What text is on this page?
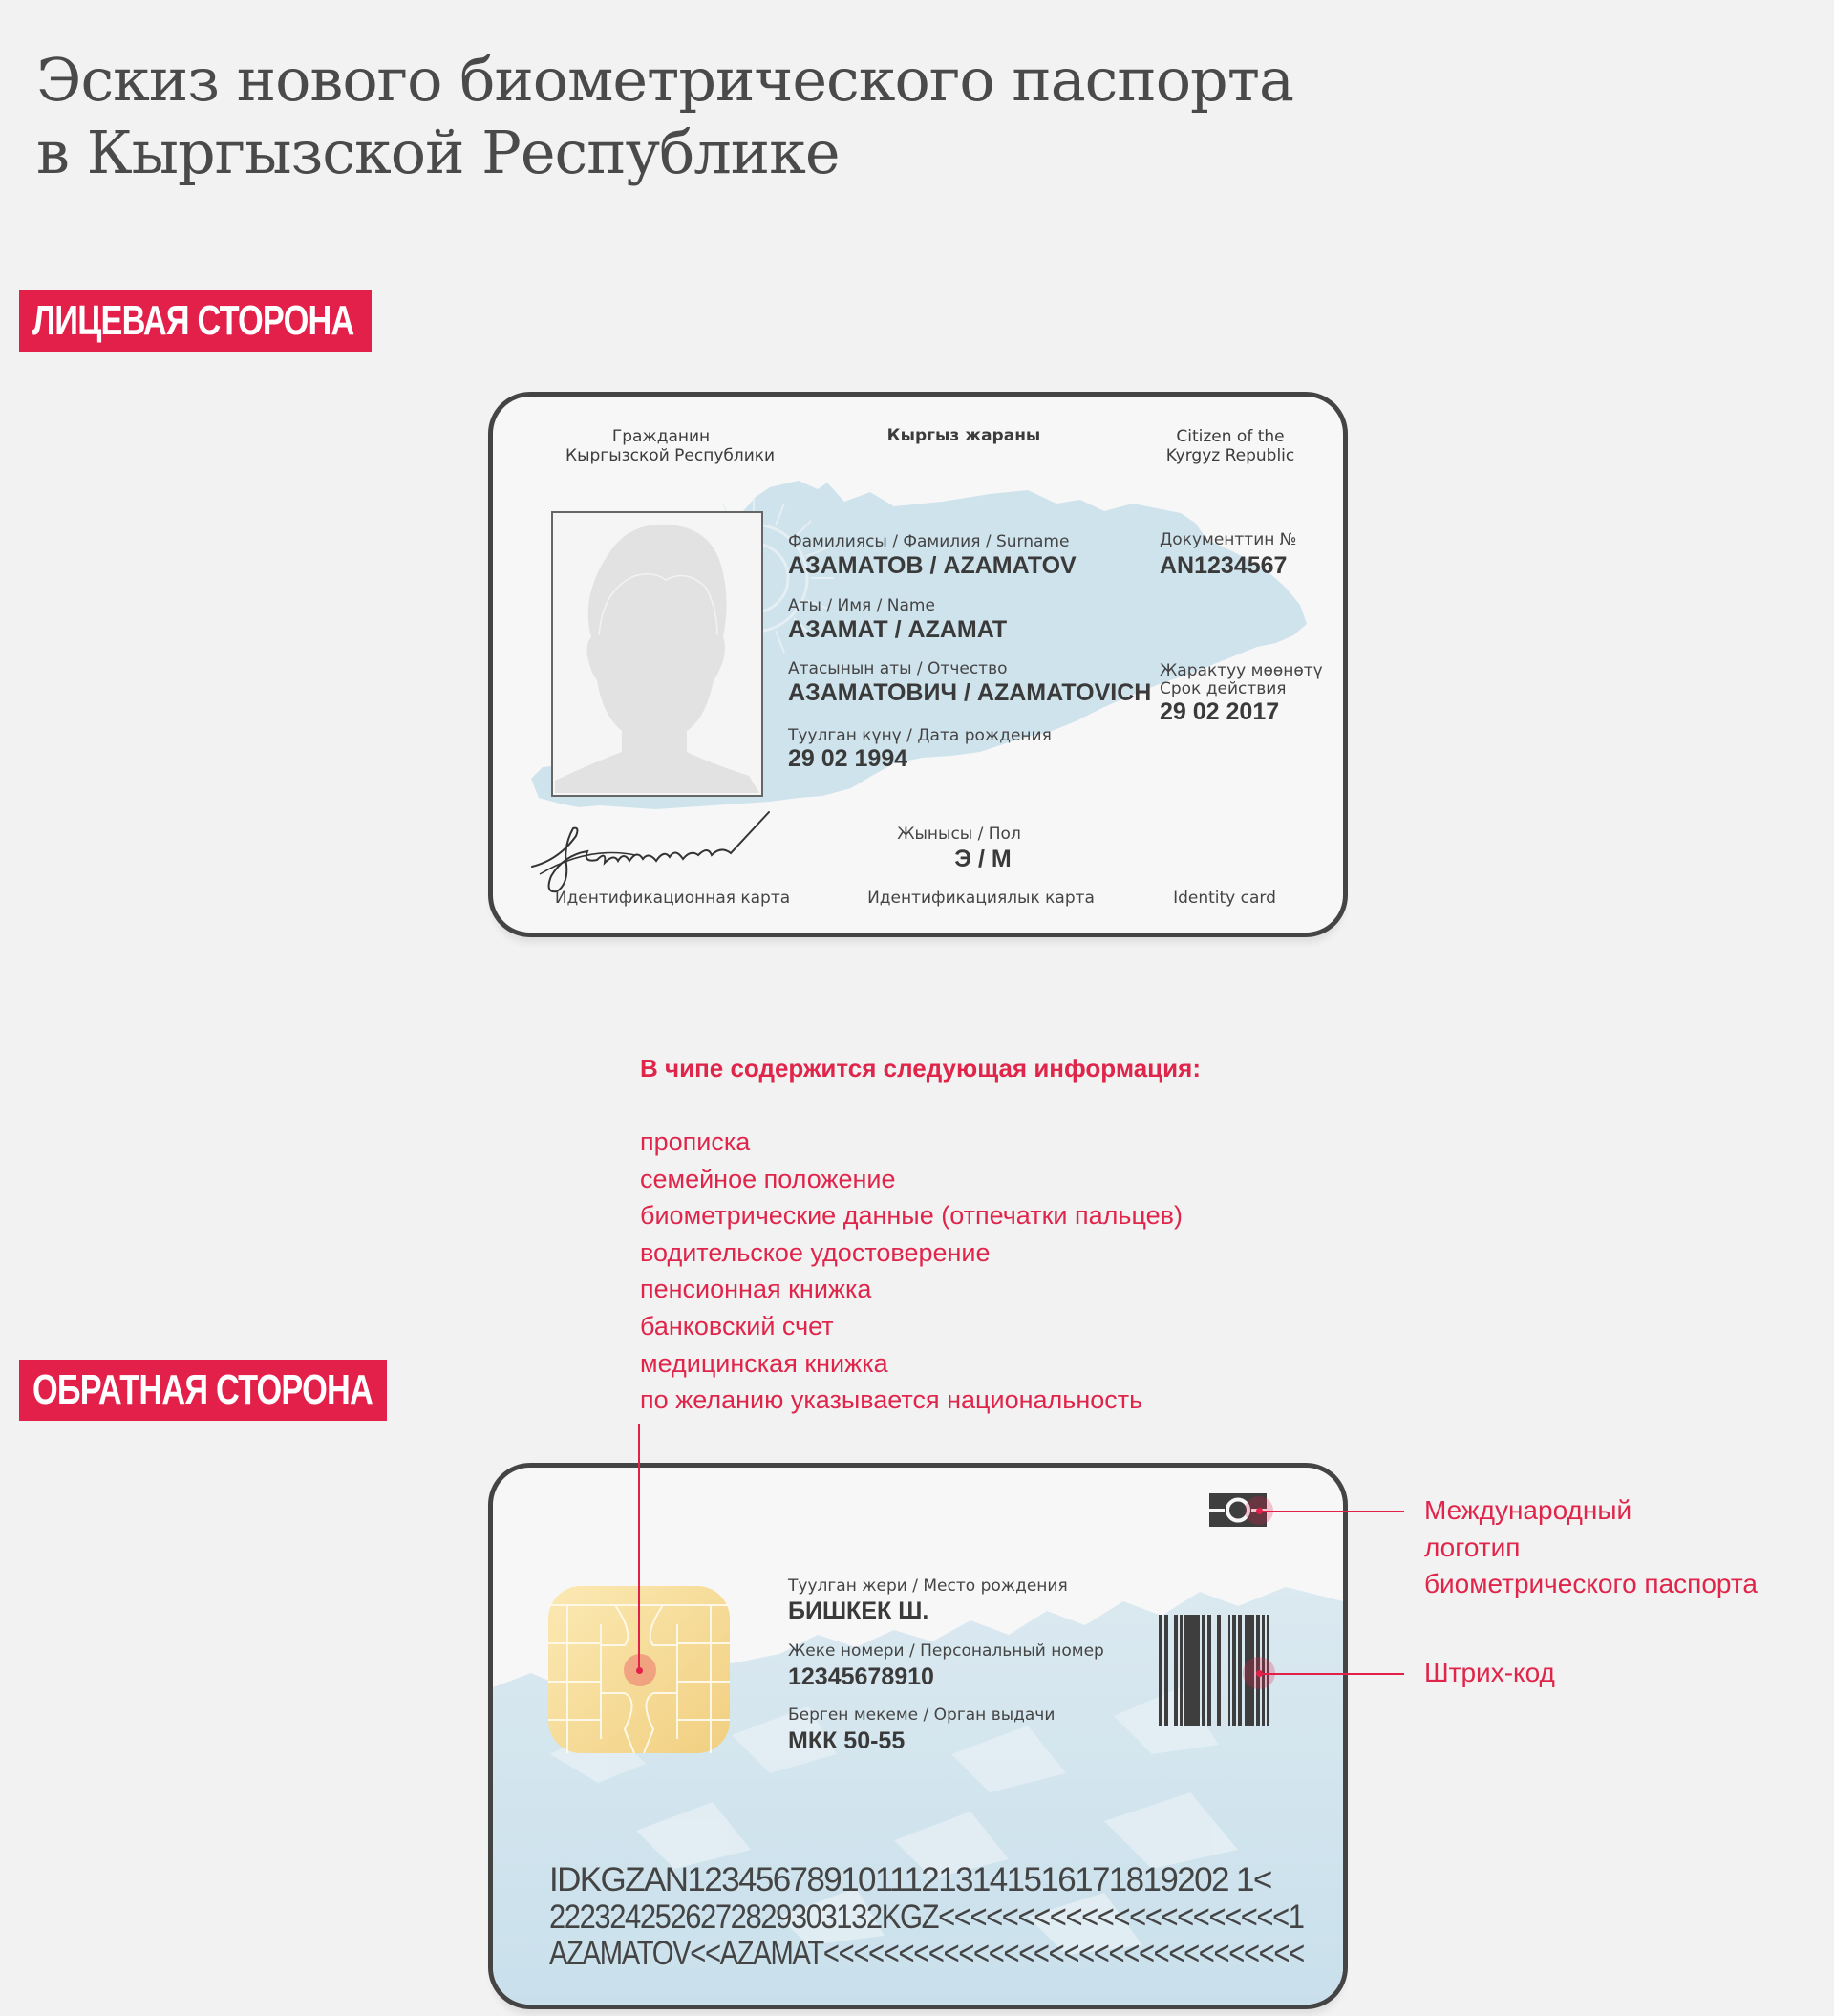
Эскиз нового биометрического паспорта
в Кыргызской Республике
ЛИЦЕВАЯ СТОРОНА
Гражданин
Кыргызской Республики
Кыргыз жараны	Citizen of the
Kyrgyz Republic
Фамилиясы / Фамилия / Surname
АЗАМАТОВ / AZAMATOV
Аты / Имя / Name
АЗАМАТ / AZAMAT
Атасынын аты / Отчество
АЗАМАТОВИЧ / AZAMATOVICH
Туулган күнү / Дата рождения
29 02 1994
Документтин №
AN1234567
Жарактуу мөөнөтү
Срок действия
29 02 2017
Жынысы / Пол
Э / М
Идентификационная карта	Идентификациялык карта	Identity card
В чипе содержится следующая информация:
прописка
семейное положение
биометрические данные (отпечатки пальцев)
водительское удостоверение
пенсионная книжка
банковский счет
медицинская книжка
по желанию указывается национальность
ОБРАТНАЯ СТОРОНА
Туулган жери / Место рождения
БИШКЕК Ш.
Жеке номери / Персональный номер
12345678910
Берген мекеме / Орган выдачи
МКК 50-55
IDKGZAN12345678910111213141516171819202 1<
2223242526272829303132KGZ<<<<<<<<<<<<<<<<<<<<<<1
AZAMATOV<<AZAMAT<<<<<<<<<<<<<<<<<<<<<<<<<<<<<<<<
Международный
логотип
биометрического паспорта
Штрих-код
